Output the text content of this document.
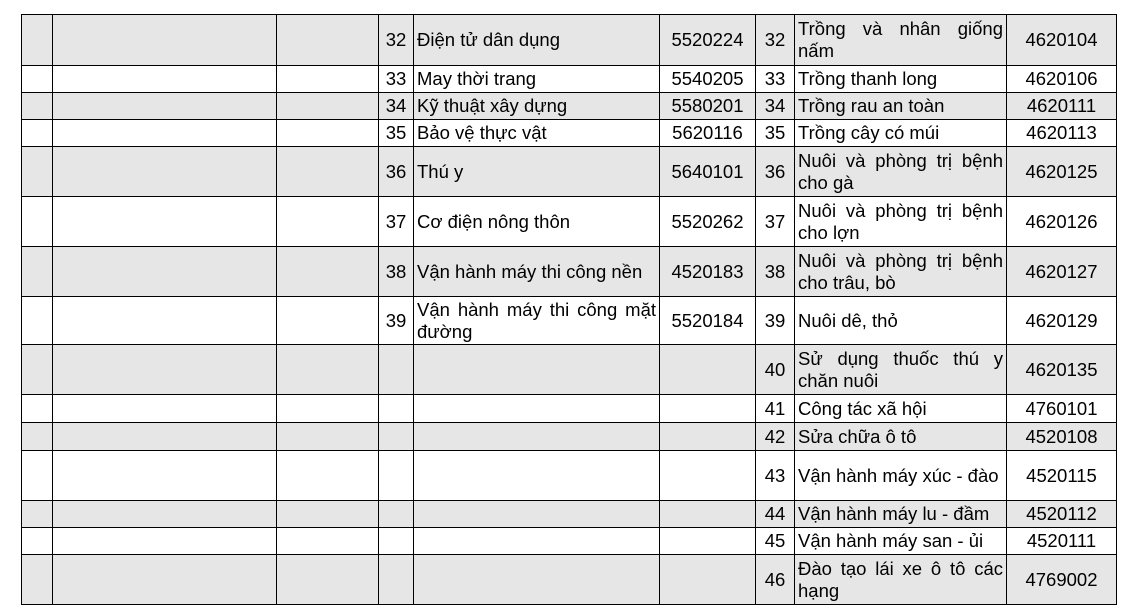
			32	Điện tử dân dụng	5520224	32	Trồng và nhân giống nấm	4620104
			33	May thời trang	5540205	33	Trồng thanh long	4620106
			34	Kỹ thuật xây dựng	5580201	34	Trồng rau an toàn	4620111
			35	Bảo vệ thực vật	5620116	35	Trồng cây có múi	4620113
			36	Thú y	5640101	36	Nuôi và phòng trị bệnh cho gà	4620125
			37	Cơ điện nông thôn	5520262	37	Nuôi và phòng trị bệnh cho lợn	4620126
			38	Vận hành máy thi công nền	4520183	38	Nuôi và phòng trị bệnh cho trâu, bò	4620127
			39	Vận hành máy thi công mặt đường	5520184	39	Nuôi dê, thỏ	4620129
						40	Sử dụng thuốc thú y chăn nuôi	4620135
						41	Công tác xã hội	4760101
						42	Sửa chữa ô tô	4520108
						43	Vận hành máy xúc - đào	4520115
						44	Vận hành máy lu - đầm	4520112
						45	Vận hành máy san - ủi	4520111
						46	Đào tạo lái xe ô tô các hạng	4769002
